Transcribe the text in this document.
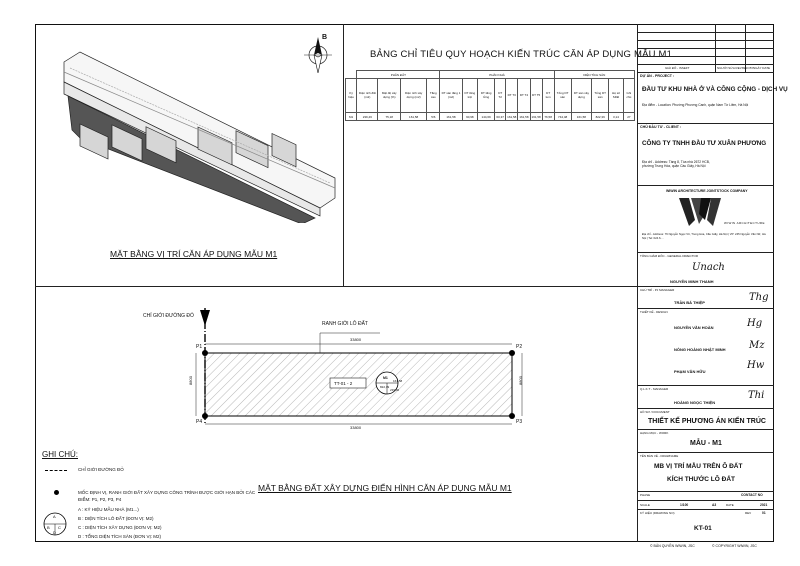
MẶT BẰNG VỊ TRÍ CĂN ÁP DỤNG MẪU M1
B
BẢNG CHỈ TIÊU QUY HOẠCH KIẾN TRÚC CĂN ÁP DỤNG MẪU M1
	PHẦN ĐẤT				PHẦN NHÀ								DIỆN TÍCH SÀN				
Ký hiệu	Diện tích đất (m2)	Mật độ xây dựng (%)	Diện tích xây dựng (m2)	Tầng cao	DT sàn tầng 1 (m2)	DT tầng trệt	DT tầng lửng	DT T2	DT T3	DT T4	DT T5	DT tum	Tổng DT sàn	DT sàn xây dựng	Tổng DT sàn	Hệ số SDĐ	Ghi chú
M1	239,46	75,18	161,58	5/6	161,58	90,98	144,69	60,37	161,58	161,58	161,58	76,58	744,48	161,58	822,39	3,14	27
CHỈ GIỚI ĐƯỜNG ĐỎ
RANH GIỚI LÔ ĐẤT
33800
33800
8800	8800
P1	P2
P3
P4
TT-01 - 2
M1
161,58
822,39
239,46
MẶT BẰNG ĐẤT XÂY DỰNG ĐIỂN HÌNH CĂN ÁP DỤNG MẪU M1
GHI CHÚ:
CHỈ GIỚI ĐƯỜNG ĐỎ
MỐC ĐỊNH VỊ, RANH GIỚI ĐẤT XÂY DỰNG CÔNG TRÌNH ĐƯỢC GIỚI HẠN BỞI CÁC ĐIỂM: P1, P2, P3, P4
A
B C
D
A : KÝ HIỆU MẪU NHÀ (M1...)
B : DIỆN TÍCH LÔ ĐẤT (ĐƠN VỊ: M2)
C : DIỆN TÍCH XÂY DỰNG (ĐƠN VỊ: M2)
D : TỔNG DIỆN TÍCH SÀN (ĐƠN VỊ: M2)
GIẢI ĐỐ - ISSEFT	NGƯỜI SỬA REVISED BY NGÀY DATE
DỰ ÁN - PROJECT :
ĐẦU TƯ KHU NHÀ Ở VÀ CÔNG CỘNG - DỊCH VỤ
Địa điểm - Location: Phường Phương Canh, quận Nam Từ Liêm, Hà Nội
CHỦ ĐẦU TƯ - CLIENT :
CÔNG TY TNHH ĐẦU TƯ XUÂN PHƯƠNG
Địa chỉ - Address: Tầng 8, Tòa nhà 2672 HCB, phường Trung Hòa, quận Cầu Giấy, Hà Nội
WIWIN ARCHITECTURE JOINTSTOCK COMPANY
WIWIN ARCHITECTURE
Địa chỉ - Address: 76 Nguyễn Ngọc Vũ, Trung Hòa, Cầu Giấy, Hà Nội | VP: 245 Nguyễn Văn Nữ, Hà Nội | Tel: 024.6....
TỔNG GIÁM ĐỐC - GENERAL DIRECTOR
Unach
NGUYỄN MINH THANH
CHỦ TRÌ - PJ MANAGER
TRẦN BÁ THIỆP	Thg
THIẾT KẾ - DESIGN
NGUYỄN VĂN HOÀN	Hg
NÔNG HOÀNG NHẬT MINH Mz
PHẠM VĂN HỮU
Hw
Q.L.K.T - MANAGER
HOÀNG NGỌC THIỆN
Thi
HỒ SƠ / DOCUMENT
THIẾT KẾ PHƯƠNG ÁN KIẾN TRÚC
HẠNG MỤC - WORK
MẪU - M1
TÊN BẢN VẼ - DRAWNAME
MB VỊ TRÍ MẪU TRÊN Ô ĐẤT
KÍCH THƯỚC LÔ ĐẤT
PHASE	CONTACT NO
SCALE	1/100	A3	DATE	2021
KÝ HIỆU (DRAWING NO)	REV	01
KT-01
© BẢN QUYỀN WIWIN, JSC	© COPYRIGHT WIWIN, JSC
